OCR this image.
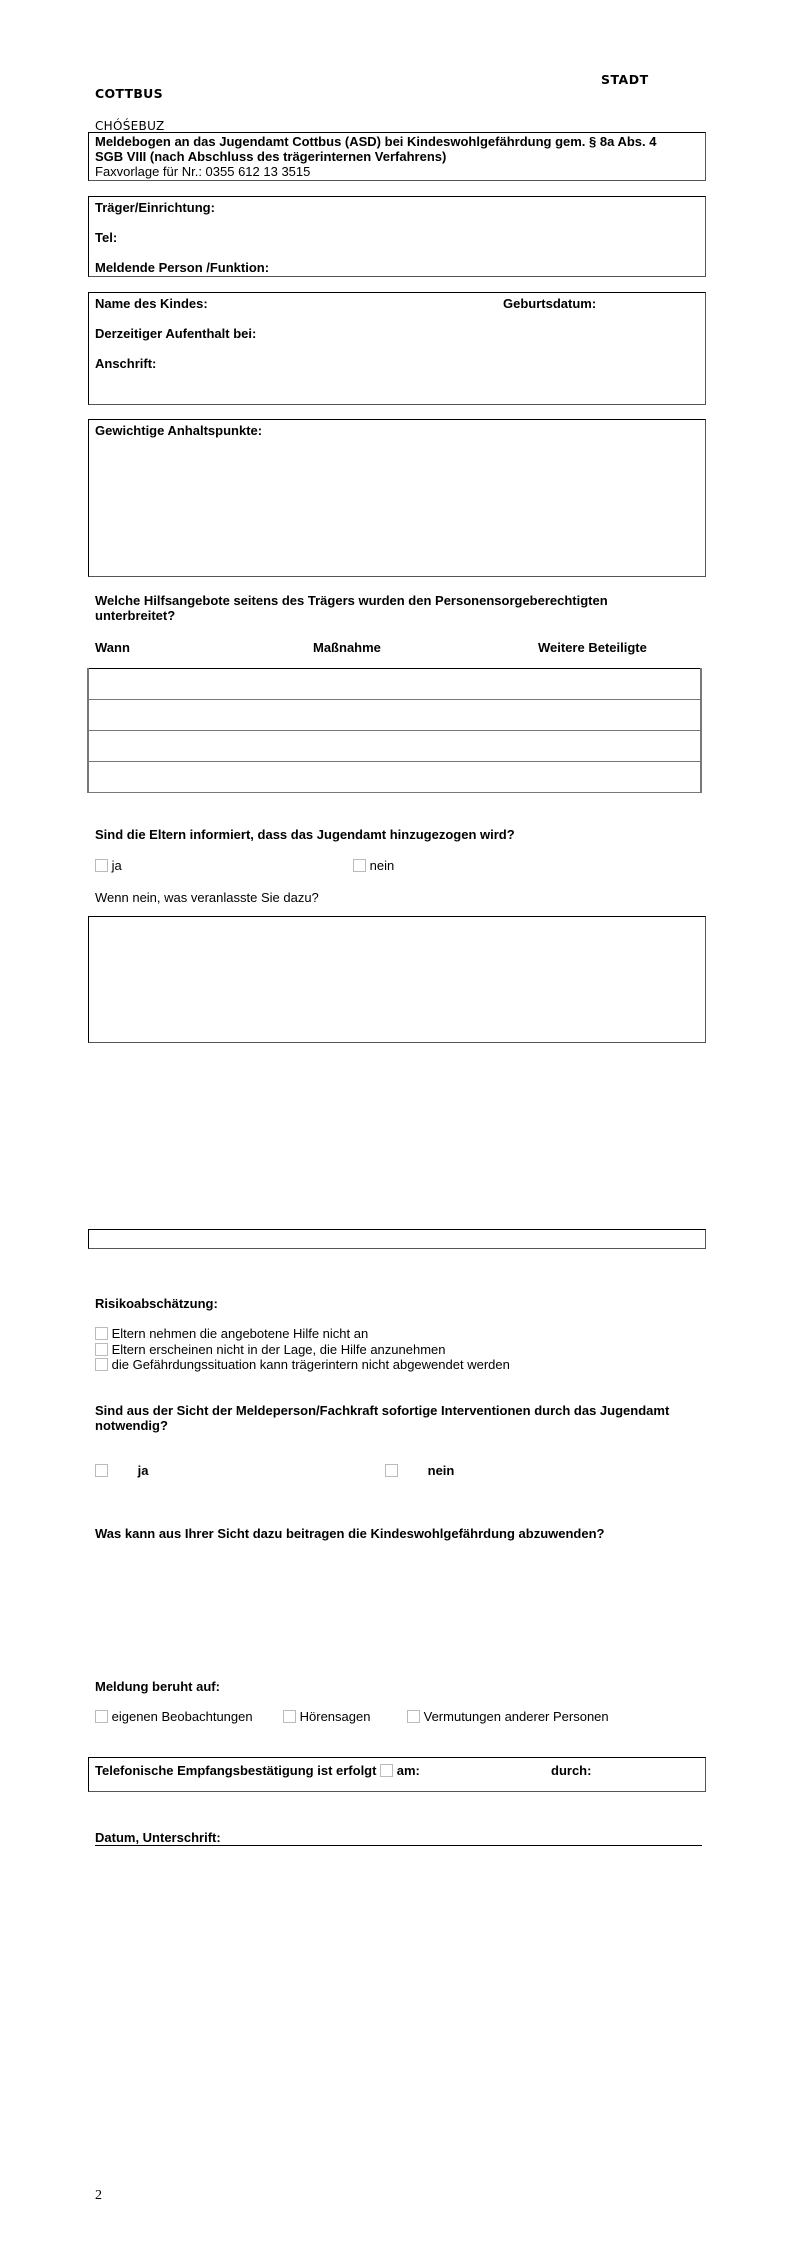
STADT
COTTBUS
CHÓŚEBUZ
Meldebogen an das Jugendamt Cottbus (ASD) bei Kindeswohlgefährdung gem. § 8a Abs. 4
SGB VIII (nach Abschluss des trägerinternen Verfahrens)
Faxvorlage für Nr.: 0355 612 13 3515
Träger/Einrichtung:
Tel:
Meldende Person /Funktion:
Name des Kindes:	Geburtsdatum:
Derzeitiger Aufenthalt bei:
Anschrift:
Gewichtige Anhaltspunkte:
Welche Hilfsangebote seitens des Trägers wurden den Personensorgeberechtigten
unterbreitet?
Wann	Maßnahme	Weitere Beteiligte

Sind die Eltern informiert, dass das Jugendamt hinzugezogen wird?
ja	nein
Wenn nein, was veranlasste Sie dazu?
Risikoabschätzung:
Eltern nehmen die angebotene Hilfe nicht an
Eltern erscheinen nicht in der Lage, die Hilfe anzunehmen
die Gefährdungssituation kann trägerintern nicht abgewendet werden
Sind aus der Sicht der Meldeperson/Fachkraft sofortige Interventionen durch das Jugendamt
notwendig?
ja	nein
Was kann aus Ihrer Sicht dazu beitragen die Kindeswohlgefährdung abzuwenden?
Meldung beruht auf:
eigenen Beobachtungen	Hörensagen	Vermutungen anderer Personen
Telefonische Empfangsbestätigung ist erfolgt am:	durch:
Datum, Unterschrift:
2
